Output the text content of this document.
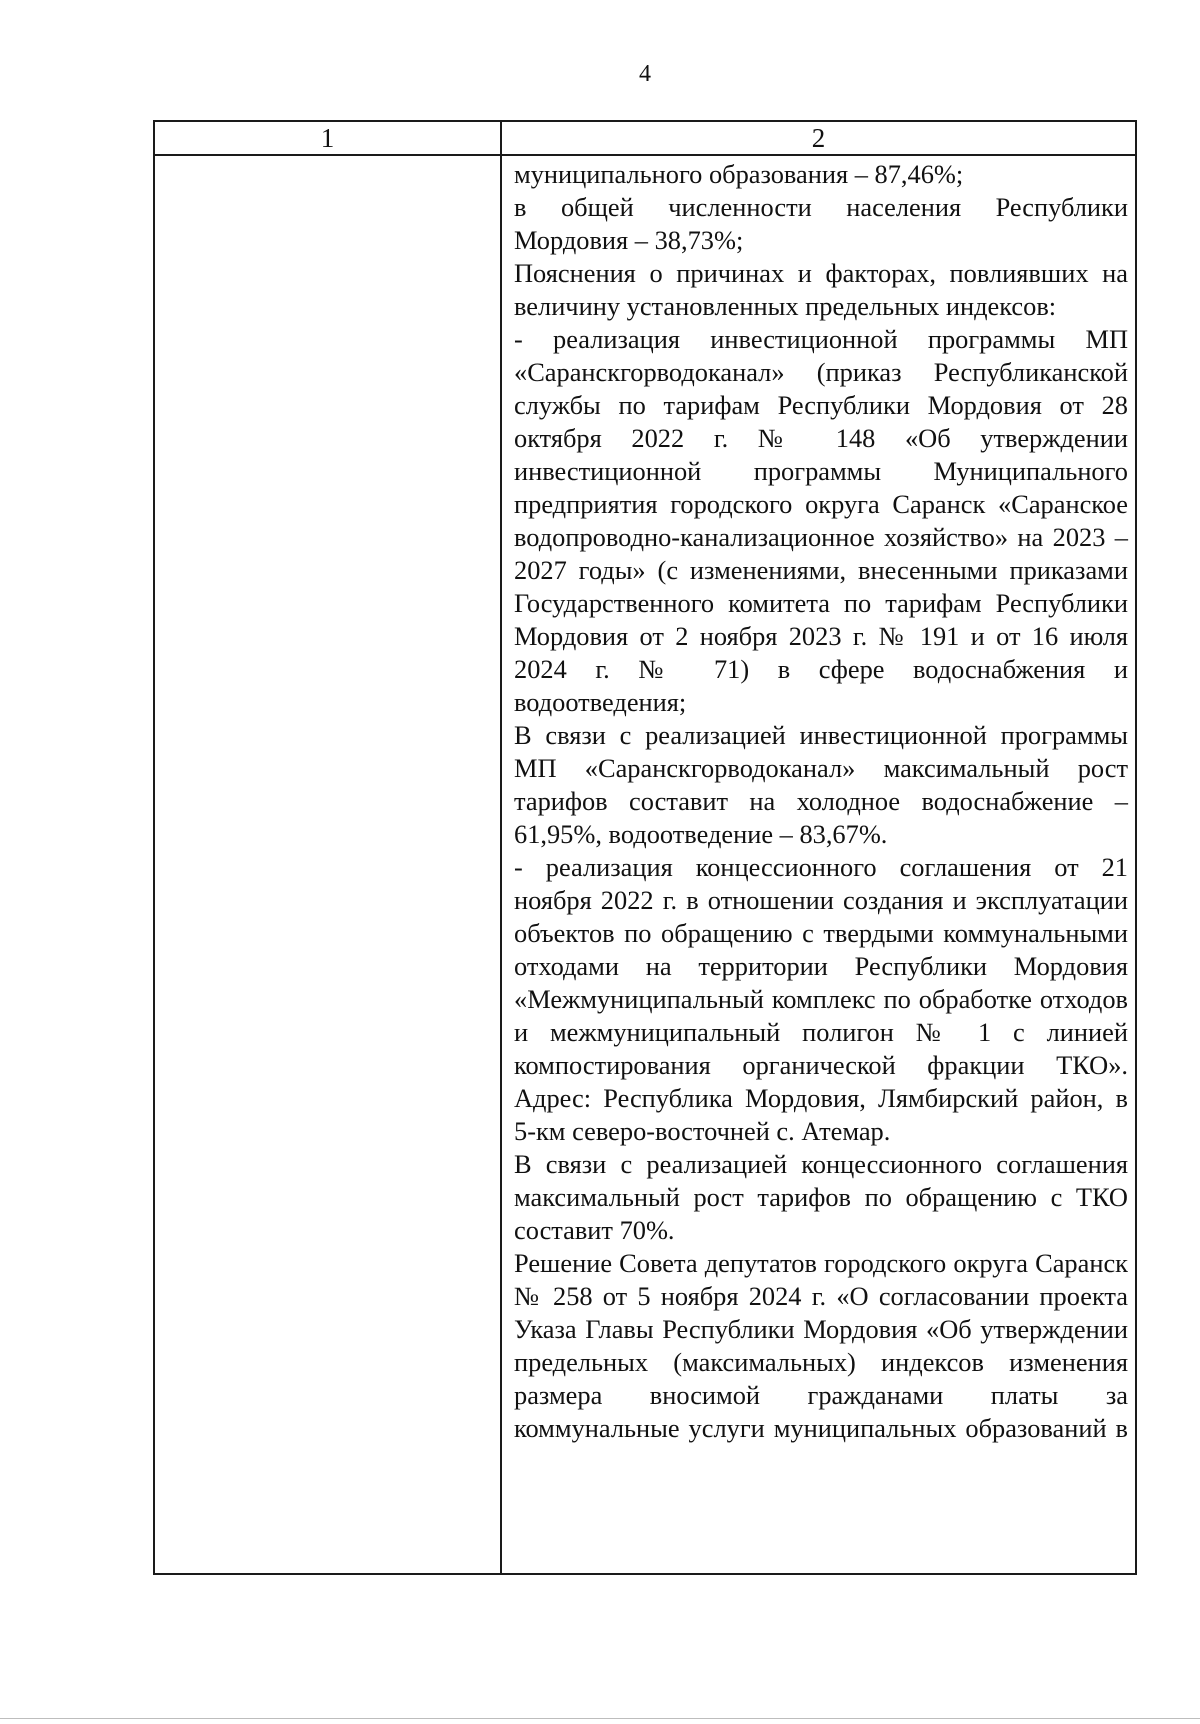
4
1	2

муниципального образования – 87,46%;

в общей численности населения Республики Мордовия – 38,73%;

Пояснения о причинах и факторах, повлиявших на величину установленных предельных индексов:

- реализация инвестиционной программы МП «Саранскгорводоканал» (приказ Республиканской службы по тарифам Республики Мордовия от 28 октября 2022 г. № 148 «Об утверждении инвестиционной программы Муниципального предприятия городского округа Саранск «Саранское водопроводно-канализационное хозяйство» на 2023 – 2027 годы» (с изменениями, внесенными приказами Государственного комитета по тарифам Республики Мордовия от 2 ноября 2023 г. № 191 и от 16 июля 2024 г. № 71) в сфере водоснабжения и водоотведения;

В связи с реализацией инвестиционной программы МП «Саранскгорводоканал» максимальный рост тарифов составит на холодное водоснабжение – 61,95%, водоотведение – 83,67%.

- реализация концессионного соглашения от 21 ноября 2022 г. в отношении создания и эксплуатации объектов по обращению с твердыми коммунальными отходами на территории Республики Мордовия «Межмуниципальный комплекс по обработке отходов и межмуниципальный полигон № 1 с линией компостирования органической фракции ТКО». Адрес: Республика Мордовия, Лямбирский район, в 5-км северо-восточней с. Атемар.

В связи с реализацией концессионного соглашения максимальный рост тарифов по обращению с ТКО составит 70%.

Решение Совета депутатов городского округа Саранск № 258 от 5 ноября 2024 г. «О согласовании проекта Указа Главы Республики Мордовия «Об утверждении предельных (максимальных) индексов изменения размера вносимой гражданами платы за коммунальные услуги муниципальных образований в
